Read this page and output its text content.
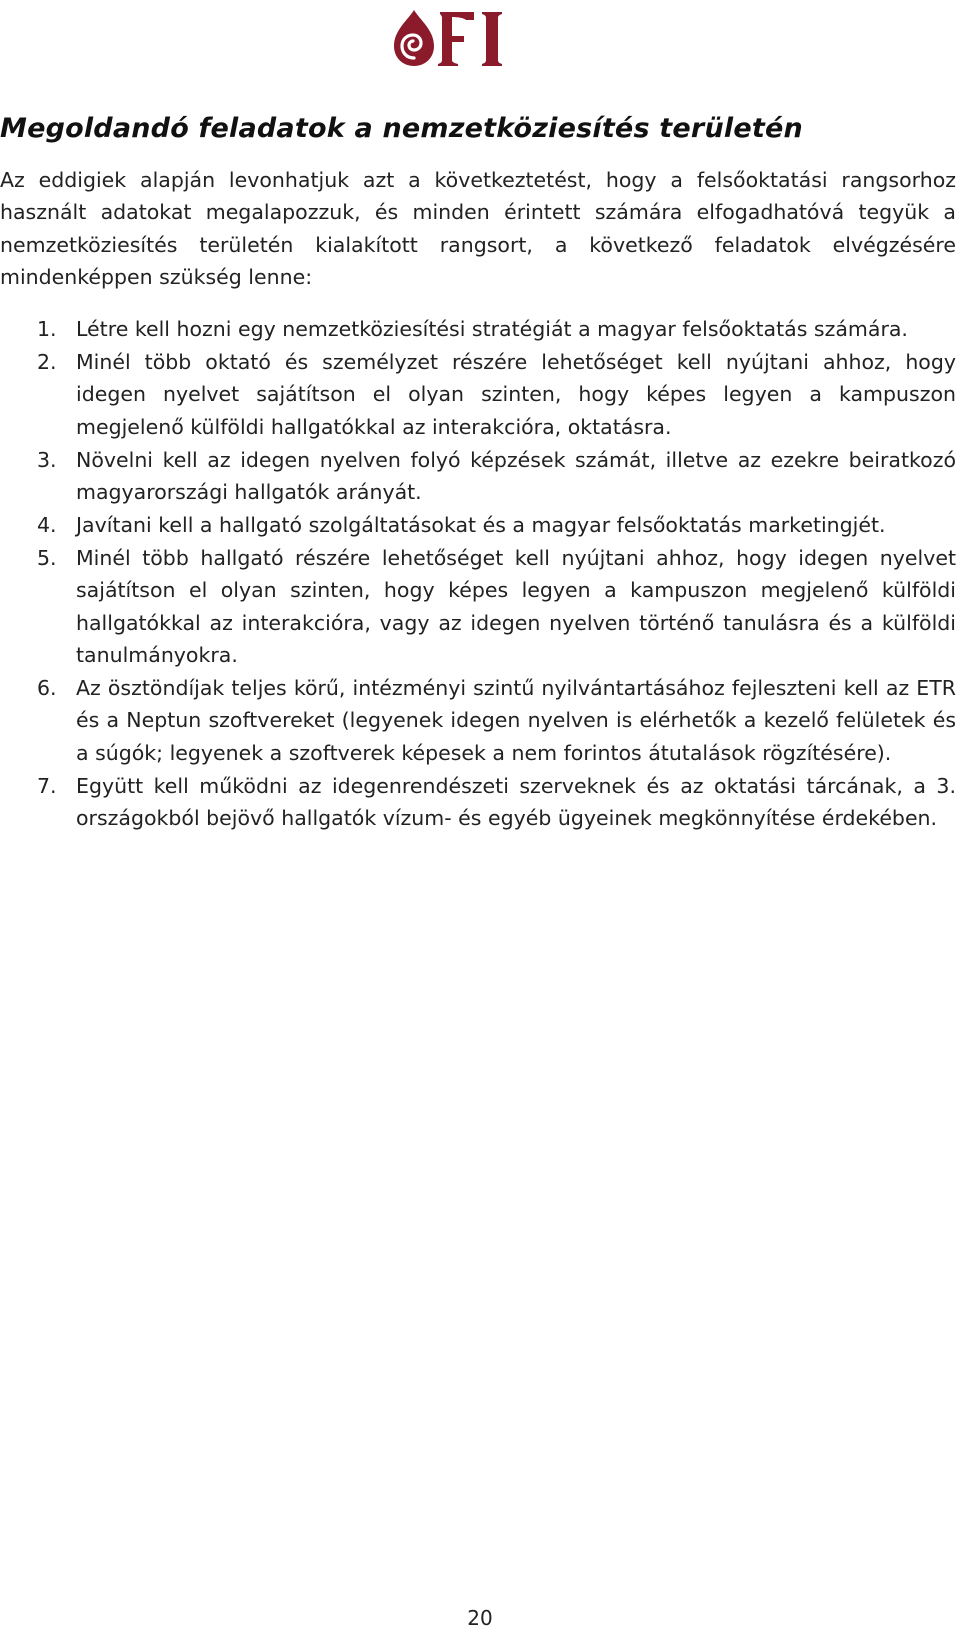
Megoldandó feladatok a nemzetköziesítés területén

Az eddigiek alapján levonhatjuk azt a következtetést, hogy a felsőoktatási rangsorhoz használt adatokat megalapozzuk, és minden érintett számára elfogadhatóvá tegyük a nemzetköziesítés területén kialakított rangsort, a következő feladatok elvégzésére mindenképpen szükség lenne:

1. Létre kell hozni egy nemzetköziesítési stratégiát a magyar felsőoktatás számára.
2. Minél több oktató és személyzet részére lehetőséget kell nyújtani ahhoz, hogy idegen nyelvet sajátítson el olyan szinten, hogy képes legyen a kampuszon megjelenő külföldi hallgatókkal az interakcióra, oktatásra.
3. Növelni kell az idegen nyelven folyó képzések számát, illetve az ezekre beiratkozó magyarországi hallgatók arányát.
4. Javítani kell a hallgató szolgáltatásokat és a magyar felsőoktatás marketingjét.
5. Minél több hallgató részére lehetőséget kell nyújtani ahhoz, hogy idegen nyelvet sajátítson el olyan szinten, hogy képes legyen a kampuszon megjelenő külföldi hallgatókkal az interakcióra, vagy az idegen nyelven történő tanulásra és a külföldi tanulmányokra.
6. Az ösztöndíjak teljes körű, intézményi szintű nyilvántartásához fejleszteni kell az ETR és a Neptun szoftvereket (legyenek idegen nyelven is elérhetők a kezelő felületek és a súgók; legyenek a szoftverek képesek a nem forintos átutalások rögzítésére).
7. Együtt kell működni az idegenrendészeti szerveknek és az oktatási tárcának, a 3. országokból bejövő hallgatók vízum- és egyéb ügyeinek megkönnyítése érdekében.
20
